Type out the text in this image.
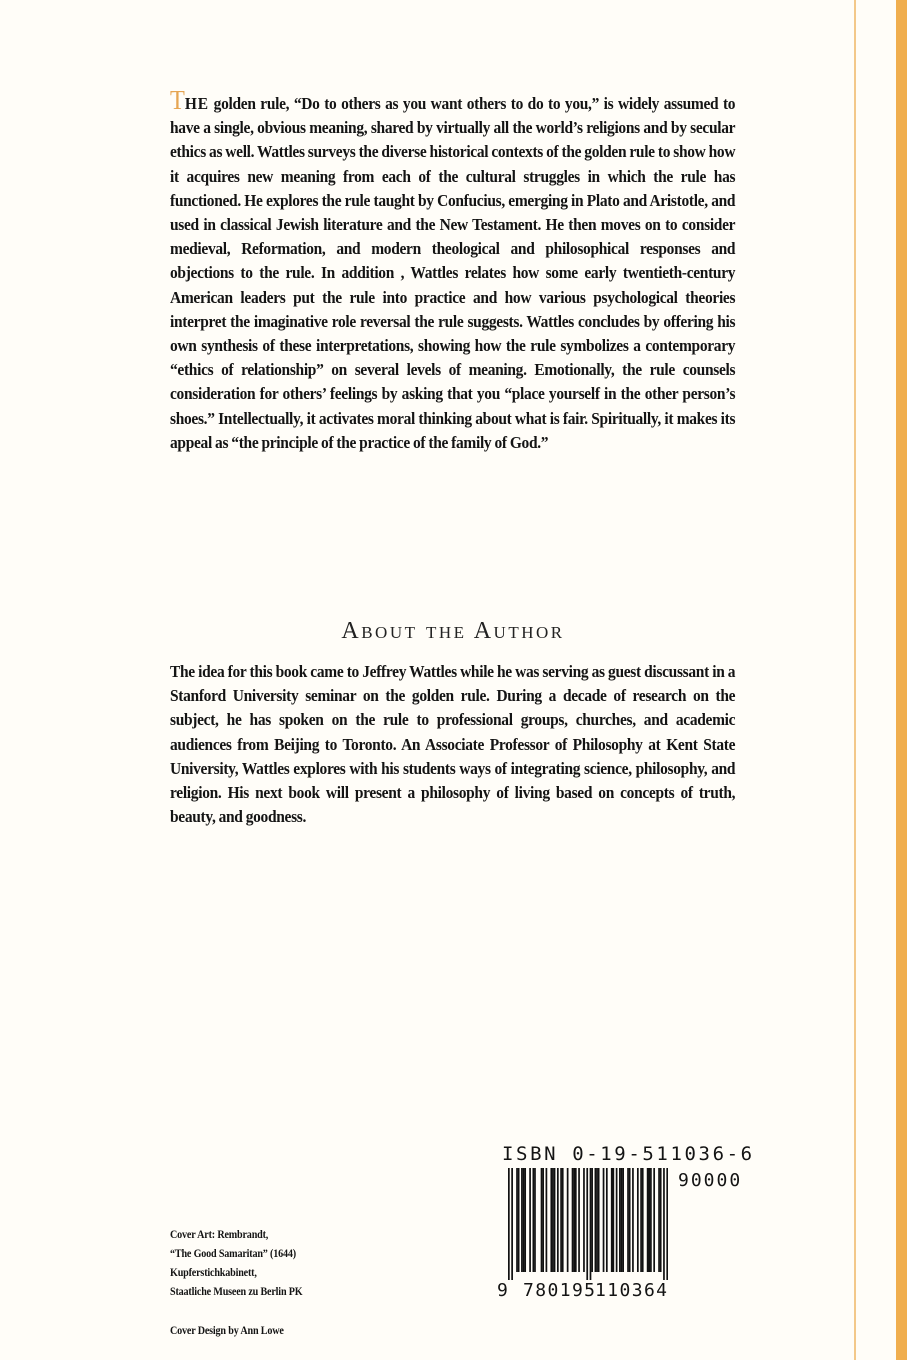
THE golden rule, “Do to others as you want others to do to you,” is widely assumed to have a single, obvious meaning, shared by virtually all the world’s religions and by secular ethics as well. Wattles surveys the diverse historical contexts of the golden rule to show how it acquires new meaning from each of the cultural struggles in which the rule has functioned. He explores the rule taught by Confucius, emerging in Plato and Aristotle, and used in classical Jewish literature and the New Testament. He then moves on to consider medieval, Reformation, and modern theological and philosophical responses and objections to the rule. In addition , Wattles relates how some early twentieth-century American leaders put the rule into practice and how various psychological theories interpret the imaginative role reversal the rule suggests. Wattles concludes by offering his own synthesis of these interpretations, showing how the rule symbolizes a contemporary “ethics of relationship” on several levels of meaning. Emotionally, the rule counsels consideration for others’ feelings by asking that you “place yourself in the other person’s shoes.” Intellectually, it activates moral thinking about what is fair. Spiritually, it makes its appeal as “the principle of the practice of the family of God.”
About the Author
The idea for this book came to Jeffrey Wattles while he was serving as guest discussant in a Stanford University seminar on the golden rule. During a decade of research on the subject, he has spoken on the rule to professional groups, churches, and academic audiences from Beijing to Toronto. An Associate Professor of Philosophy at Kent State University, Wattles explores with his students ways of integrating science, philosophy, and religion. His next book will present a philosophy of living based on concepts of truth, beauty, and goodness.
Cover Art: Rembrandt,
“The Good Samaritan” (1644)
Kupferstichkabinett,
Staatliche Museen zu Berlin PK
Cover Design by Ann Lowe
ISBN 0-19-511036-6
90000
9 780195
110364
